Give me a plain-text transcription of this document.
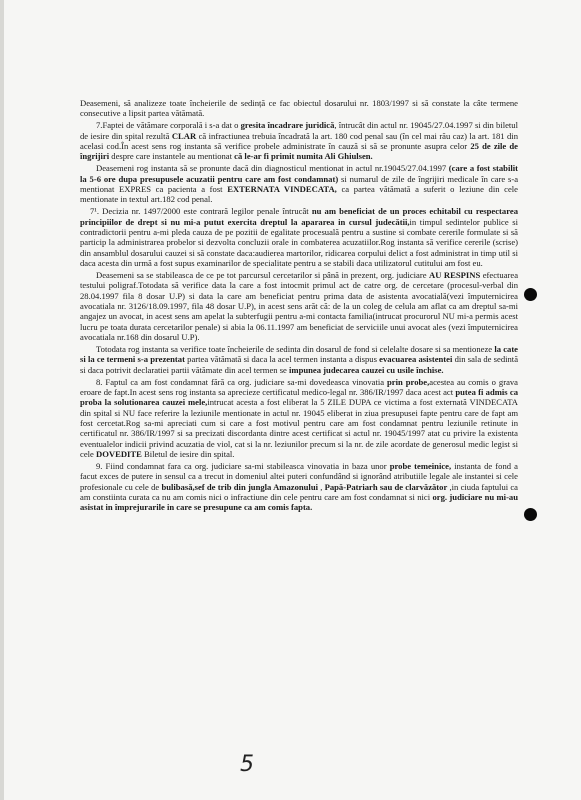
Deasemeni, să analizeze toate încheierile de sedință ce fac obiectul dosarului nr. 1803/1997 si să constate la câte termene consecutive a lipsit partea vătămată.

7.Faptei de vătămare corporală i s-a dat o gresita încadrare juridică, întrucât din actul nr. 19045/27.04.1997 si din biletul de iesire din spital rezultă CLAR că infractiunea trebuia încadrată la art. 180 cod penal sau (în cel mai rău caz) la art. 181 din acelasi cod.În acest sens rog instanta să verifice probele administrate în cauză si să se pronunte asupra celor 25 de zile de îngrijiri despre care instantele au mentionat că le-ar fi primit numita Ali Ghiulsen.

Deasemeni rog instanta să se pronunte dacă din diagnosticul mentionat in actul nr.19045/27.04.1997 (care a fost stabilit la 5-6 ore dupa presupusele acuzatii pentru care am fost condamnat) si numarul de zile de îngrijiri medicale în care s-a mentionat EXPRES ca pacienta a fost EXTERNATA VINDECATA, ca partea vătămată a suferit o leziune din cele mentionate in textul art.182 cod penal.

7¹. Decizia nr. 1497/2000 este contrară legilor penale întrucât nu am beneficiat de un proces echitabil cu respectarea principiilor de drept si nu mi-a putut exercita dreptul la apararea in cursul judecătii,in timpul sedintelor publice si contradictorii pentru a-mi pleda cauza de pe pozitii de egalitate procesuală pentru a sustine si combate cererile formulate si să particip la administrarea probelor si dezvolta concluzii orale in combaterea acuzatiilor.Rog instanta să verifice cererile (scrise) din ansamblul dosarului cauzei si să constate daca:audierea martorilor, ridicarea corpului delict a fost administrat in timp util si daca acesta din urmă a fost supus examinarilor de specialitate pentru a se stabili daca utilizatorul cutitului am fost eu.

Deasemeni sa se stabileasca de ce pe tot parcursul cercetarilor si până in prezent, org. judiciare AU RESPINS efectuarea testului poligraf.Totodata să verifice data la care a fost intocmit primul act de catre org. de cercetare (procesul-verbal din 28.04.1997 fila 8 dosar U.P) si data la care am beneficiat pentru prima data de asistenta avocatială(vezi împuternicirea avocatiala nr. 3126/18.09.1997, fila 48 dosar U.P), in acest sens arăt că: de la un coleg de celula am aflat ca am dreptul sa-mi angajez un avocat, in acest sens am apelat la subterfugii pentru a-mi contacta familia(intrucat procurorul NU mi-a permis acest lucru pe toata durata cercetarilor penale) si abia la 06.11.1997 am beneficiat de serviciile unui avocat ales (vezi împuternicirea avocatiala nr.168 din dosarul U.P).

Totodata rog instanta sa verifice toate încheierile de sedinta din dosarul de fond si celelalte dosare si sa mentioneze la cate si la ce termeni s-a prezentat partea vătămată si daca la acel termen instanta a dispus evacuarea asistentei din sala de sedintă si daca potrivit declaratiei partii vătămate din acel termen se impunea judecarea cauzei cu usile închise.

8. Faptul ca am fost condamnat fără ca org. judiciare sa-mi dovedeasca vinovatia prin probe,acestea au comis o grava eroare de fapt.In acest sens rog instanta sa aprecieze certificatul medico-legal nr. 386/IR/1997 daca acest act putea fi admis ca proba la solutionarea cauzei mele,intrucat acesta a fost eliberat la 5 ZILE DUPA ce victima a fost externată VINDECATA din spital si NU face referire la leziunile mentionate in actul nr. 19045 eliberat in ziua presupusei fapte pentru care de fapt am fost cercetat.Rog sa-mi apreciati cum si care a fost motivul pentru care am fost condamnat pentru leziunile retinute in certificatul nr. 386/IR/1997 si sa precizati discordanta dintre acest certificat si actul nr. 19045/1997 atat cu privire la existenta eventualelor indicii privind acuzatia de viol, cat si la nr. leziunilor precum si la nr. de zile acordate de generosul medic legist si cele DOVEDITE Biletul de iesire din spital.

9. Fiind condamnat fara ca org. judiciare sa-mi stabileasca vinovatia in baza unor probe temeinice, instanta de fond a facut exces de putere in sensul ca a trecut in domeniul altei puteri confundând si ignorând atributiile legale ale instantei si cele profesionale cu cele de bulibasă,sef de trib din jungla Amazonului , Papă-Patriarh sau de clarvăzător ,in ciuda faptului ca am constiinta curata ca nu am comis nici o infractiune din cele pentru care am fost condamnat si nici org. judiciare nu mi-au asistat in împrejurarile in care se presupune ca am comis fapta.

5
